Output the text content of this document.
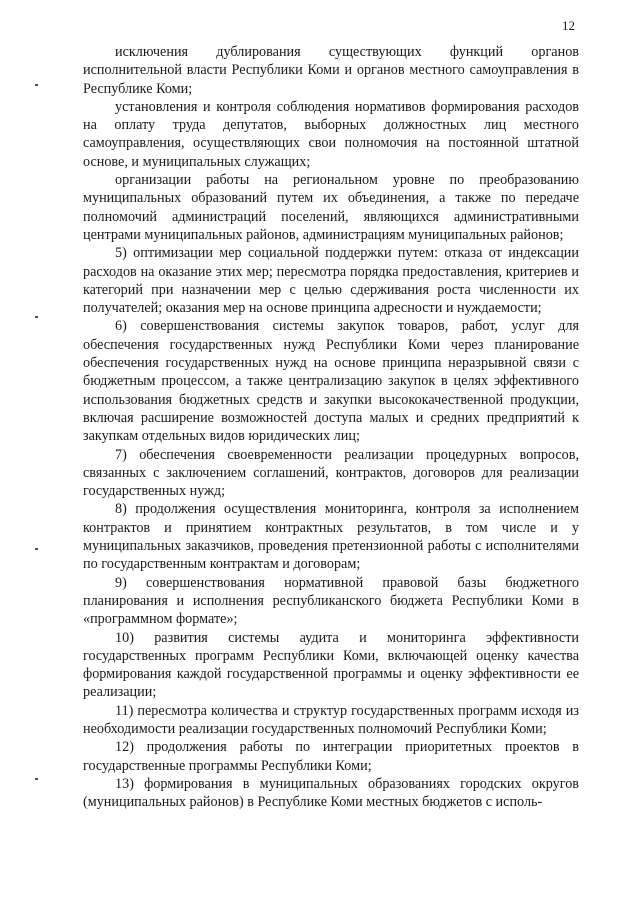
12

исключения дублирования существующих функций органов исполнительной власти Республики Коми и органов местного самоуправления в Республике Коми;

установления и контроля соблюдения нормативов формирования расходов на оплату труда депутатов, выборных должностных лиц местного самоуправления, осуществляющих свои полномочия на постоянной штатной основе, и муниципальных служащих;

организации работы на региональном уровне по преобразованию муниципальных образований путем их объединения, а также по передаче полномочий администраций поселений, являющихся административными центрами муниципальных районов, администрациям муниципальных районов;

5) оптимизации мер социальной поддержки путем: отказа от индексации расходов на оказание этих мер; пересмотра порядка предоставления, критериев и категорий при назначении мер с целью сдерживания роста численности их получателей; оказания мер на основе принципа адресности и нуждаемости;

6) совершенствования системы закупок товаров, работ, услуг для обеспечения государственных нужд Республики Коми через планирование обеспечения государственных нужд на основе принципа неразрывной связи с бюджетным процессом, а также централизацию закупок в целях эффективного использования бюджетных средств и закупки высококачественной продукции, включая расширение возможностей доступа малых и средних предприятий к закупкам отдельных видов юридических лиц;

7) обеспечения своевременности реализации процедурных вопросов, связанных с заключением соглашений, контрактов, договоров для реализации государственных нужд;

8) продолжения осуществления мониторинга, контроля за исполнением контрактов и принятием контрактных результатов, в том числе и у муниципальных заказчиков, проведения претензионной работы с исполнителями по государственным контрактам и договорам;

9) совершенствования нормативной правовой базы бюджетного планирования и исполнения республиканского бюджета Республики Коми в «программном формате»;

10) развития системы аудита и мониторинга эффективности государственных программ Республики Коми, включающей оценку качества формирования каждой государственной программы и оценку эффективности ее реализации;

11) пересмотра количества и структур государственных программ исходя из необходимости реализации государственных полномочий Республики Коми;

12) продолжения работы по интеграции приоритетных проектов в государственные программы Республики Коми;

13) формирования в муниципальных образованиях городских округов (муниципальных районов) в Республике Коми местных бюджетов с исполь-
